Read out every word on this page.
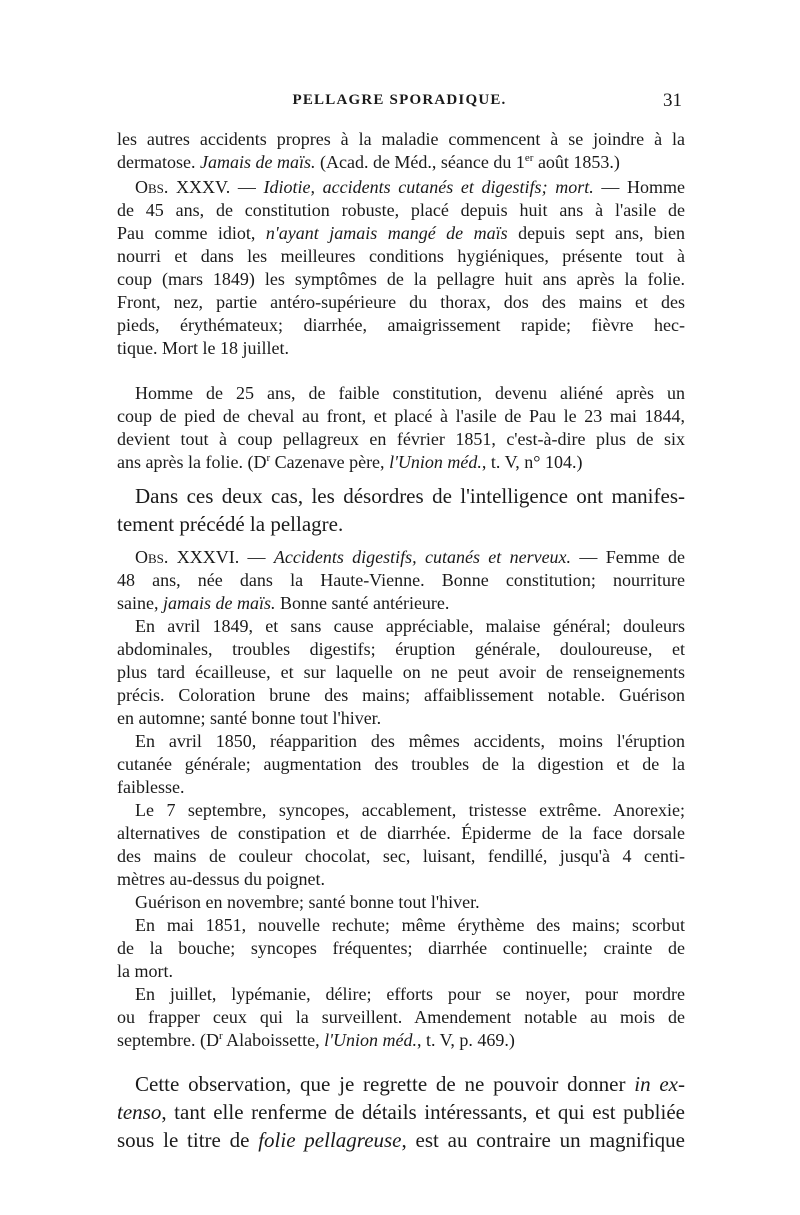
PELLAGRE SPORADIQUE.	31
les autres accidents propres à la maladie commencent à se joindre à la
dermatose. Jamais de maïs. (Acad. de Méd., séance du 1er août 1853.)
Obs. XXXV. — Idiotie, accidents cutanés et digestifs; mort. — Homme
de 45 ans, de constitution robuste, placé depuis huit ans à l'asile de
Pau comme idiot, n'ayant jamais mangé de maïs depuis sept ans, bien
nourri et dans les meilleures conditions hygiéniques, présente tout à
coup (mars 1849) les symptômes de la pellagre huit ans après la folie.
Front, nez, partie antéro-supérieure du thorax, dos des mains et des
pieds, érythémateux; diarrhée, amaigrissement rapide; fièvre hec-
tique. Mort le 18 juillet.
Homme de 25 ans, de faible constitution, devenu aliéné après un
coup de pied de cheval au front, et placé à l'asile de Pau le 23 mai 1844,
devient tout à coup pellagreux en février 1851, c'est-à-dire plus de six
ans après la folie. ($D^r$ Cazenave père, l'Union méd., t. V, n° 104.)
Dans ces deux cas, les désordres de l'intelligence ont manifes-
tement précédé la pellagre.
Obs. XXXVI. — Accidents digestifs, cutanés et nerveux. — Femme de
48 ans, née dans la Haute-Vienne. Bonne constitution; nourriture
saine, jamais de maïs. Bonne santé antérieure.
En avril 1849, et sans cause appréciable, malaise général; douleurs
abdominales, troubles digestifs; éruption générale, douloureuse, et
plus tard écailleuse, et sur laquelle on ne peut avoir de renseignements
précis. Coloration brune des mains; affaiblissement notable. Guérison
en automne; santé bonne tout l'hiver.
En avril 1850, réapparition des mêmes accidents, moins l'éruption
cutanée générale; augmentation des troubles de la digestion et de la
faiblesse.
Le 7 septembre, syncopes, accablement, tristesse extrême. Anorexie;
alternatives de constipation et de diarrhée. Épiderme de la face dorsale
des mains de couleur chocolat, sec, luisant, fendillé, jusqu'à 4 centi-
mètres au-dessus du poignet.
Guérison en novembre; santé bonne tout l'hiver.
En mai 1851, nouvelle rechute; même érythème des mains; scorbut
de la bouche; syncopes fréquentes; diarrhée continuelle; crainte de
la mort.
En juillet, lypémanie, délire; efforts pour se noyer, pour mordre
ou frapper ceux qui la surveillent. Amendement notable au mois de
septembre. ($D^r$ Alaboissette, l'Union méd., t. V, p. 469.)
Cette observation, que je regrette de ne pouvoir donner in ex-
tenso, tant elle renferme de détails intéressants, et qui est publiée
sous le titre de folie pellagreuse, est au contraire un magnifique
